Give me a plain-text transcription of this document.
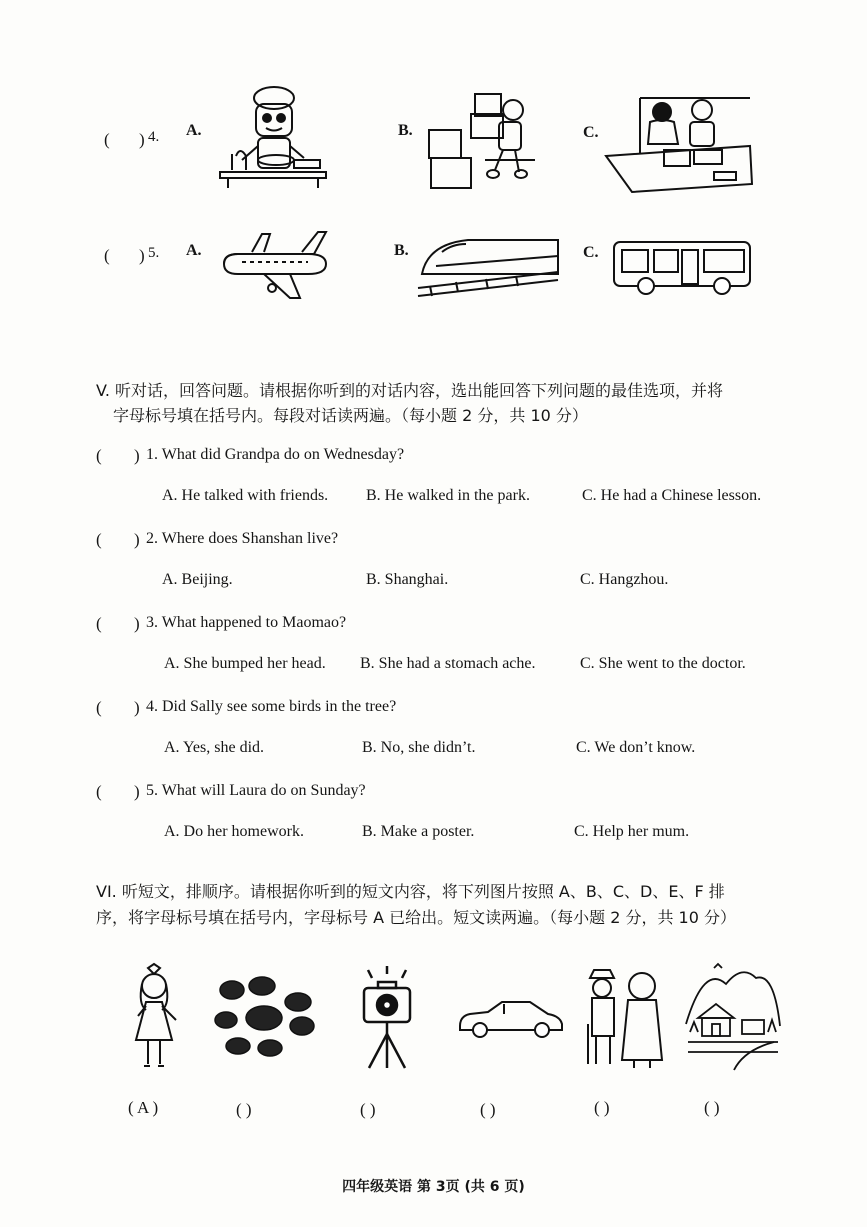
( ) 4. A.	B.	C.
( ) 5. A.	B.	C.
V. 听对话，回答问题。请根据你听到的对话内容，选出能回答下列问题的最佳选项，并将
字母标号填在括号内。每段对话读两遍。（每小题 2 分，共 10 分）
( ) 1. What did Grandpa do on Wednesday?
A. He talked with friends. B. He walked in the park.	C. He had a Chinese lesson.
( ) 2. Where does Shanshan live?
A. Beijing.	B. Shanghai.	C. Hangzhou.
( ) 3. What happened to Maomao?
A. She bumped her head. B. She had a stomach ache.	C. She went to the doctor.
( ) 4. Did Sally see some birds in the tree?
A. Yes, she did.	B. No, she didn’t.	C. We don’t know.
( ) 5. What will Laura do on Sunday?
A. Do her homework.	B. Make a poster.	C. Help her mum.
VI. 听短文，排顺序。请根据你听到的短文内容，将下列图片按照 A、B、C、D、E、F 排
序，将字母标号填在括号内，字母标号 A 已给出。短文读两遍。（每小题 2 分，共 10 分）
( A )	( )	( )	( )	( )	( )
四年级英语 第 3页 (共 6 页)
